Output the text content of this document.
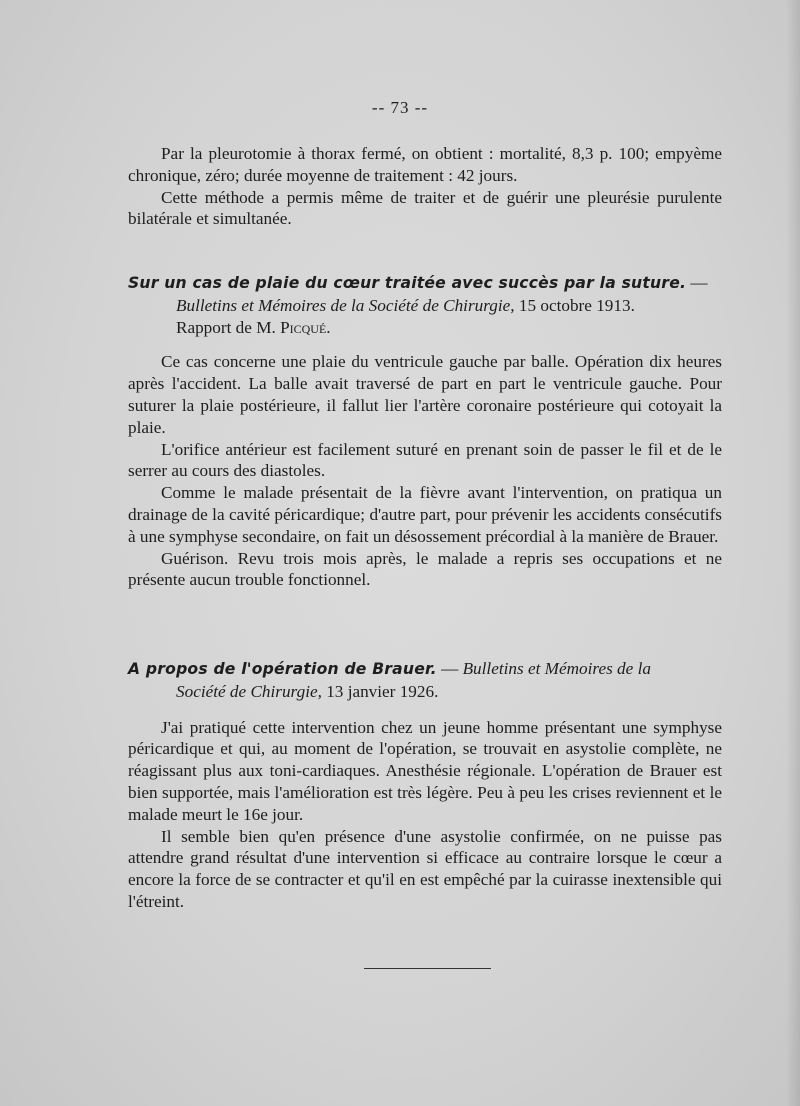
-- 73 --

Par la pleurotomie à thorax fermé, on obtient : mortalité, 8,3 p. 100; empyème chronique, zéro; durée moyenne de traitement : 42 jours.

Cette méthode a permis même de traiter et de guérir une pleurésie purulente bilatérale et simultanée.

Sur un cas de plaie du cœur traitée avec succès par la suture. —
Bulletins et Mémoires de la Société de Chirurgie, 15 octobre 1913.
Rapport de M. Picqué.

Ce cas concerne une plaie du ventricule gauche par balle. Opération dix heures après l'accident. La balle avait traversé de part en part le ventricule gauche. Pour suturer la plaie postérieure, il fallut lier l'artère coronaire postérieure qui cotoyait la plaie.

L'orifice antérieur est facilement suturé en prenant soin de passer le fil et de le serrer au cours des diastoles.

Comme le malade présentait de la fièvre avant l'intervention, on pratiqua un drainage de la cavité péricardique; d'autre part, pour prévenir les accidents consécutifs à une symphyse secondaire, on fait un désossement précordial à la manière de Brauer.

Guérison. Revu trois mois après, le malade a repris ses occupations et ne présente aucun trouble fonctionnel.

A propos de l'opération de Brauer. — Bulletins et Mémoires de la
Société de Chirurgie, 13 janvier 1926.

J'ai pratiqué cette intervention chez un jeune homme présentant une symphyse péricardique et qui, au moment de l'opération, se trouvait en asystolie complète, ne réagissant plus aux toni-cardiaques. Anesthésie régionale. L'opération de Brauer est bien supportée, mais l'amélioration est très légère. Peu à peu les crises reviennent et le malade meurt le 16e jour.

Il semble bien qu'en présence d'une asystolie confirmée, on ne puisse pas attendre grand résultat d'une intervention si efficace au contraire lorsque le cœur a encore la force de se contracter et qu'il en est empêché par la cuirasse inextensible qui l'étreint.
